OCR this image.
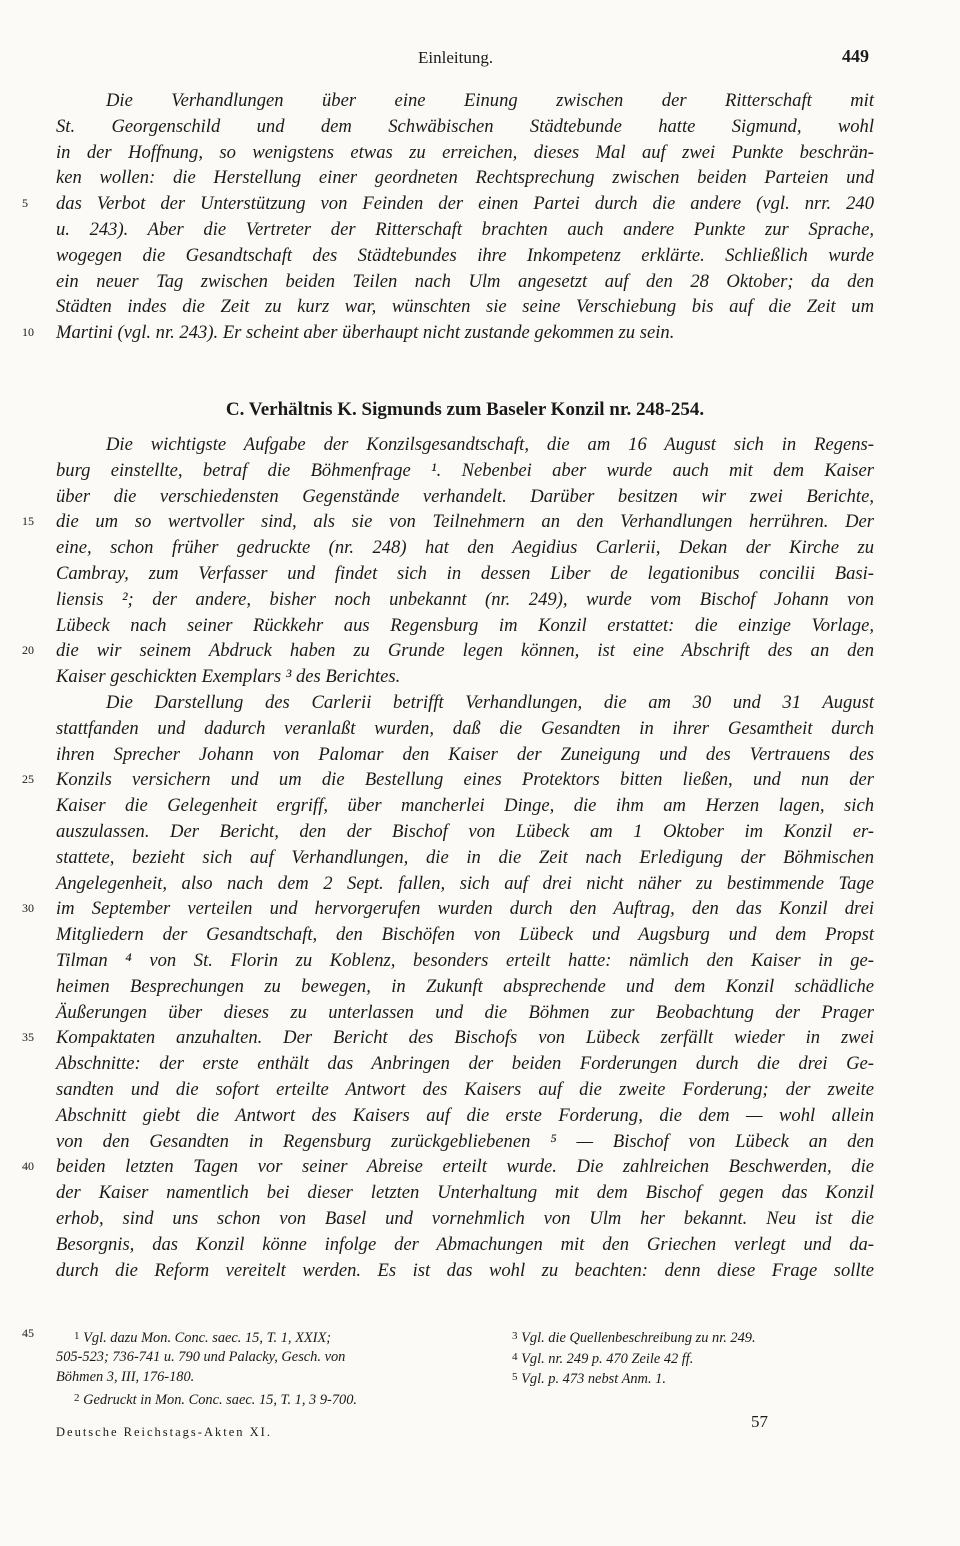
Einleitung.	449
Die Verhandlungen über eine Einung zwischen der Ritterschaft mit
St. Georgenschild und dem Schwäbischen Städtebunde hatte Sigmund, wohl
in der Hoffnung, so wenigstens etwas zu erreichen, dieses Mal auf zwei Punkte beschrän-
ken wollen: die Herstellung einer geordneten Rechtsprechung zwischen beiden Parteien und
5	das Verbot der Unterstützung von Feinden der einen Partei durch die andere (vgl. nrr. 240
u. 243). Aber die Vertreter der Ritterschaft brachten auch andere Punkte zur Sprache,
wogegen die Gesandtschaft des Städtebundes ihre Inkompetenz erklärte. Schließlich wurde
ein neuer Tag zwischen beiden Teilen nach Ulm angesetzt auf den 28 Oktober; da den
Städten indes die Zeit zu kurz war, wünschten sie seine Verschiebung bis auf die Zeit um
10	Martini (vgl. nr. 243). Er scheint aber überhaupt nicht zustande gekommen zu sein.
C. Verhältnis K. Sigmunds zum Baseler Konzil nr. 248-254.
Die wichtigste Aufgabe der Konzilsgesandtschaft, die am 16 August sich in Regens-
burg einstellte, betraf die Böhmenfrage ¹. Nebenbei aber wurde auch mit dem Kaiser
über die verschiedensten Gegenstände verhandelt. Darüber besitzen wir zwei Berichte,
15	die um so wertvoller sind, als sie von Teilnehmern an den Verhandlungen herrühren. Der
eine, schon früher gedruckte (nr. 248) hat den Aegidius Carlerii, Dekan der Kirche zu
Cambray, zum Verfasser und findet sich in dessen Liber de legationibus concilii Basi-
liensis ²; der andere, bisher noch unbekannt (nr. 249), wurde vom Bischof Johann von
Lübeck nach seiner Rückkehr aus Regensburg im Konzil erstattet: die einzige Vorlage,
20	die wir seinem Abdruck haben zu Grunde legen können, ist eine Abschrift des an den
Kaiser geschickten Exemplars ³ des Berichtes.
Die Darstellung des Carlerii betrifft Verhandlungen, die am 30 und 31 August
stattfanden und dadurch veranlaßt wurden, daß die Gesandten in ihrer Gesamtheit durch
ihren Sprecher Johann von Palomar den Kaiser der Zuneigung und des Vertrauens des
25	Konzils versichern und um die Bestellung eines Protektors bitten ließen, und nun der
Kaiser die Gelegenheit ergriff, über mancherlei Dinge, die ihm am Herzen lagen, sich
auszulassen. Der Bericht, den der Bischof von Lübeck am 1 Oktober im Konzil er-
stattete, bezieht sich auf Verhandlungen, die in die Zeit nach Erledigung der Böhmischen
Angelegenheit, also nach dem 2 Sept. fallen, sich auf drei nicht näher zu bestimmende Tage
30	im September verteilen und hervorgerufen wurden durch den Auftrag, den das Konzil drei
Mitgliedern der Gesandtschaft, den Bischöfen von Lübeck und Augsburg und dem Propst
Tilman ⁴ von St. Florin zu Koblenz, besonders erteilt hatte: nämlich den Kaiser in ge-
heimen Besprechungen zu bewegen, in Zukunft absprechende und dem Konzil schädliche
Äußerungen über dieses zu unterlassen und die Böhmen zur Beobachtung der Prager
35	Kompaktaten anzuhalten. Der Bericht des Bischofs von Lübeck zerfällt wieder in zwei
Abschnitte: der erste enthält das Anbringen der beiden Forderungen durch die drei Ge-
sandten und die sofort erteilte Antwort des Kaisers auf die zweite Forderung; der zweite
Abschnitt giebt die Antwort des Kaisers auf die erste Forderung, die dem — wohl allein
von den Gesandten in Regensburg zurückgebliebenen ⁵ — Bischof von Lübeck an den
40	beiden letzten Tagen vor seiner Abreise erteilt wurde. Die zahlreichen Beschwerden, die
der Kaiser namentlich bei dieser letzten Unterhaltung mit dem Bischof gegen das Konzil
erhob, sind uns schon von Basel und vornehmlich von Ulm her bekannt. Neu ist die
Besorgnis, das Konzil könne infolge der Abmachungen mit den Griechen verlegt und da-
durch die Reform vereitelt werden. Es ist das wohl zu beachten: denn diese Frage sollte
45	$^1$ Vgl. dazu Mon. Conc. saec. 15, T. 1, XXIX;
505-523; 736-741 u. 790 und Palacky, Gesch. von
Böhmen 3, III, 176-180.
$^2$ Gedruckt in Mon. Conc. saec. 15, T. 1, 3 9-700.
$^3$ Vgl. die Quellenbeschreibung zu nr. 249.
$^4$ Vgl. nr. 249 p. 470 Zeile 42 ff.
$^5$ Vgl. p. 473 nebst Anm. 1.
Deutsche Reichstags-Akten XI.
57
